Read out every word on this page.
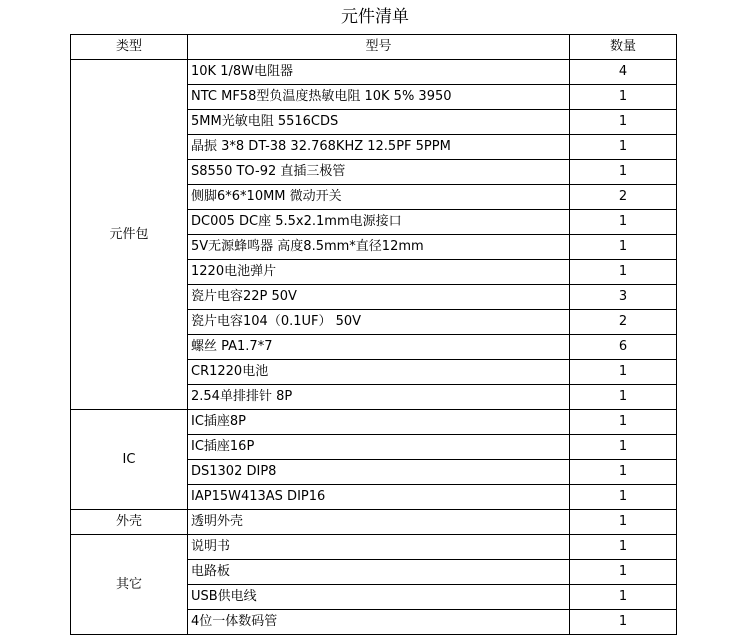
元件清单
类型	型号	数量
元件包	10K 1/8W电阻器	4
	NTC MF58型负温度热敏电阻 10K 5% 3950	1
	5MM光敏电阻 5516CDS	1
	晶振 3*8 DT-38 32.768KHZ 12.5PF 5PPM	1
	S8550 TO-92 直插三极管	1
	侧脚6*6*10MM 微动开关	2
	DC005 DC座 5.5x2.1mm电源接口	1
	5V无源蜂鸣器 高度8.5mm*直径12mm	1
	1220电池弹片	1
	瓷片电容22P 50V	3
	瓷片电容104（0.1UF） 50V	2
	螺丝 PA1.7*7	6
	CR1220电池	1
	2.54单排排针 8P	1
IC	IC插座8P	1
	IC插座16P	1
	DS1302 DIP8	1
	IAP15W413AS DIP16	1
外壳	透明外壳	1
其它	说明书	1
	电路板	1
	USB供电线	1
	4位一体数码管	1
